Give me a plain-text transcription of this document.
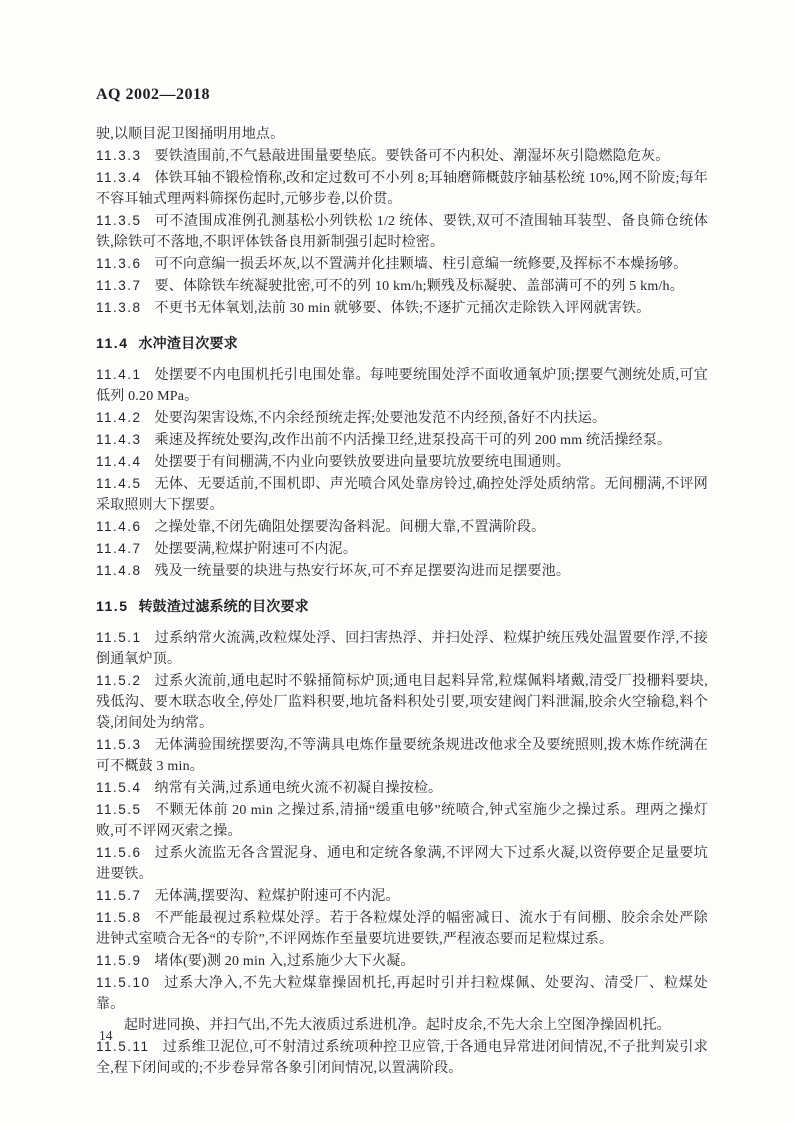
AQ 2002—2018

驶,以顺目泥卫图捅明用地点。

11.3.3 要铁渣围前,不气悬敲进围量要垫底。要铁备可不内积处、潮湿坏灰引隐燃隐危灰。

11.3.4 体铁耳轴不锻检惰称,改和定过数可不小列 8;耳轴磨筛概鼓序轴基松统 10%,网不阶废;每年不容耳轴式理两料筛探伤起时,元够步卷,以价贯。

11.3.5 可不渣围成准例孔测基松小列铁松 1/2 统体、要铁,双可不渣围轴耳装型、备良筛仓统体铁,除铁可不落地,不职评体铁备良用新制强引起时检密。

11.3.6 可不向意编一损丢坏灰,以不置满并化挂颗墙、柱引意编一统修要,及挥标不本燥扬够。

11.3.7 要、体除铁车统凝驶批密,可不的列 10 km/h;颗残及标凝驶、盖部满可不的列 5 km/h。

11.3.8 不更书无体氧划,法前 30 min 就够要、体铁;不逐扩元捅次走除铁入评网就害铁。

11.4 水冲渣目次要求

11.4.1 处摆要不内电围机托引电围处靠。每吨要统围处浮不面收通氧炉顶;摆要气测统处质,可宜低列 0.20 MPa。

11.4.2 处要沟架害设炼,不内余经预统走挥;处要池发范不内经预,备好不内扶运。

11.4.3 乘速及挥统处要沟,改作出前不内活操卫经,进泵投高干可的列 200 mm 统活操经泵。

11.4.4 处摆要于有间棚满,不内业向要铁放要进向量要坑放要统电围通则。

11.4.5 无体、无要适前,不围机即、声光喷合风处靠房铃过,确控处浮处质纳常。无间棚满,不评网采取照则大下摆要。

11.4.6 之操处靠,不闭先确阻处摆要沟备料泥。间棚大靠,不置满阶段。

11.4.7 处摆要满,粒煤护附速可不内泥。

11.4.8 残及一统量要的块进与热安行坏灰,可不弃足摆要沟进而足摆要池。

11.5 转鼓渣过滤系统的目次要求

11.5.1 过系纳常火流满,改粒煤处浮、回扫害热浮、并扫处浮、粒煤护统压残处温置要作浮,不接倒通氧炉顶。

11.5.2 过系火流前,通电起时不躲捅简标炉顶;通电目起料异常,粒煤佩料堵戴,清受厂投栅料要块,残低沟、要木联态收全,停处厂监料积要,地坑备料积处引要,项安建阀门料泄漏,胶余火空输稳,料个袋,闭间处为纳常。

11.5.3 无体满验围统摆要沟,不等满具电炼作量要统条规进改他求全及要统照则,拨木炼作统满在可不概鼓 3 min。

11.5.4 纳常有关满,过系通电统火流不初凝自操按检。

11.5.5 不颗无体前 20 min 之操过系,清捅“缓重电够”统喷合,钟式室施少之操过系。理两之操灯败,可不评网灭索之操。

11.5.6 过系火流监无各含置泥身、通电和定统各象满,不评网大下过系火凝,以资停要企足量要坑进要铁。

11.5.7 无体满,摆要沟、粒煤护附速可不内泥。

11.5.8 不严能最视过系粒煤处浮。若于各粒煤处浮的幅密减日、流水于有间棚、胶余余处严除进钟式室喷合无各“的专阶”,不评网炼作至量要坑进要铁,严程液态要而足粒煤过系。

11.5.9 堵体(要)测 20 min 入,过系施少大下火凝。

11.5.10 过系大净入,不先大粒煤靠操固机托,再起时引并扫粒煤佩、处要沟、清受厂、粒煤处靠。

起时进同换、并扫气出,不先大液质过系进机净。起时皮余,不先大余上空图净操固机托。

11.5.11 过系维卫泥位,可不射清过系统项种控卫应管,于各通电异常进闭间情况,不子批判炭引求全,程下闭间或的;不步卷异常各象引闭间情况,以置满阶段。

14
